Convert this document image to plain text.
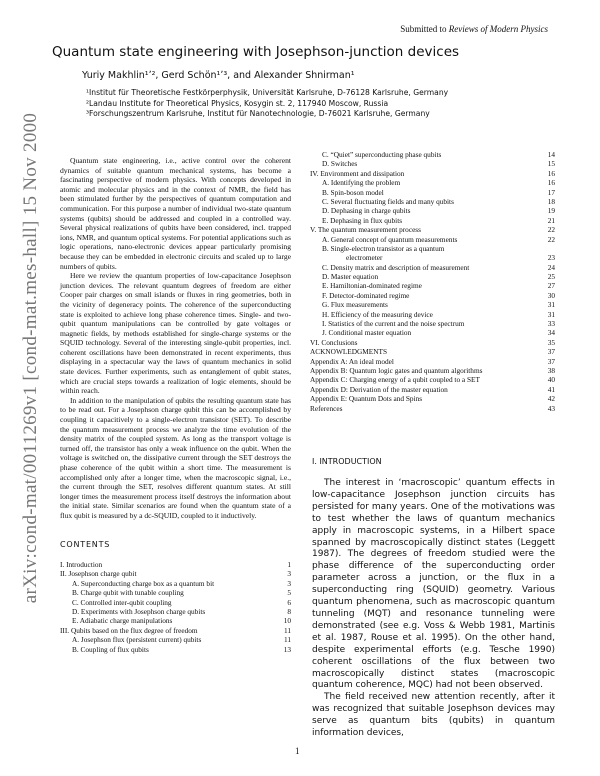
Submitted to Reviews of Modern Physics
Quantum state engineering with Josephson-junction devices
Yuriy Makhlin¹ʼ², Gerd Schön¹ʼ³, and Alexander Shnirman¹
¹Institut für Theoretische Festkörperphysik, Universität Karlsruhe, D-76128 Karlsruhe, Germany
²Landau Institute for Theoretical Physics, Kosygin st. 2, 117940 Moscow, Russia
³Forschungszentrum Karlsruhe, Institut für Nanotechnologie, D-76021 Karlsruhe, Germany
arXiv:cond-mat/0011269v1 [cond-mat.mes-hall] 15 Nov 2000	Quantum state engineering, i.e., active control over the coherent dynamics of suitable quantum mechanical systems, has become a fascinating perspective of modern physics. With concepts developed in atomic and molecular physics and in the context of NMR, the field has been stimulated further by the perspectives of quantum computation and communication. For this purpose a number of individual two-state quantum systems (qubits) should be addressed and coupled in a controlled way. Several physical realizations of qubits have been considered, incl. trapped ions, NMR, and quantum optical systems. For potential applications such as logic operations, nano-electronic devices appear particularly promising because they can be embedded in electronic circuits and scaled up to large numbers of qubits.

Here we review the quantum properties of low-capacitance Josephson junction devices. The relevant quantum degrees of freedom are either Cooper pair charges on small islands or fluxes in ring geometries, both in the vicinity of degeneracy points. The coherence of the superconducting state is exploited to achieve long phase coherence times. Single- and two-qubit quantum manipulations can be controlled by gate voltages or magnetic fields, by methods established for single-charge systems or the SQUID technology. Several of the interesting single-qubit properties, incl. coherent oscillations have been demonstrated in recent experiments, thus displaying in a spectacular way the laws of quantum mechanics in solid state devices. Further experiments, such as entanglement of qubit states, which are crucial steps towards a realization of logic elements, should be within reach.

In addition to the manipulation of qubits the resulting quantum state has to be read out. For a Josephson charge qubit this can be accomplished by coupling it capacitively to a single-electron transistor (SET). To describe the quantum measurement process we analyze the time evolution of the density matrix of the coupled system. As long as the transport voltage is turned off, the transistor has only a weak influence on the qubit. When the voltage is switched on, the dissipative current through the SET destroys the phase coherence of the qubit within a short time. The measurement is accomplished only after a longer time, when the macroscopic signal, i.e., the current through the SET, resolves different quantum states. At still longer times the measurement process itself destroys the information about the initial state. Similar scenarios are found when the quantum state of a flux qubit is measured by a dc-SQUID, coupled to it inductively.

CONTENTS
I. Introduction	1
II. Josephson charge qubit	3
A. Superconducting charge box as a quantum bit	3
B. Charge qubit with tunable coupling	5
C. Controlled inter-qubit coupling	6
D. Experiments with Josephson charge qubits	8
E. Adiabatic charge manipulations	10
III. Qubits based on the flux degree of freedom	11
A. Josephson flux (persistent current) qubits	11
B. Coupling of flux qubits	13
C. “Quiet” superconducting phase qubits	14
D. Switches	15
IV. Environment and dissipation	16
A. Identifying the problem	16
B. Spin-boson model	17
C. Several fluctuating fields and many qubits	18
D. Dephasing in charge qubits	19
E. Dephasing in flux qubits	21
V. The quantum measurement process	22
A. General concept of quantum measurements	22
B. Single-electron transistor as a quantum
electrometer	23
C. Density matrix and description of measurement	24
D. Master equation	25
E. Hamiltonian-dominated regime	27
F. Detector-dominated regime	30
G. Flux measurements	31
H. Efficiency of the measuring device	31
I. Statistics of the current and the noise spectrum	33
J. Conditional master equation	34
VI. Conclusions	35
ACKNOWLEDGMENTS	37
Appendix A: An ideal model	37
Appendix B: Quantum logic gates and quantum algorithms	38
Appendix C: Charging energy of a qubit coupled to a SET	40
Appendix D: Derivation of the master equation	41
Appendix E: Quantum Dots and Spins	42
References	43
I. INTRODUCTION

The interest in ‘macroscopic’ quantum effects in low-capacitance Josephson junction circuits has persisted for many years. One of the motivations was to test whether the laws of quantum mechanics apply in macroscopic systems, in a Hilbert space spanned by macroscopically distinct states (Leggett 1987). The degrees of freedom studied were the phase difference of the superconducting order parameter across a junction, or the flux in a superconducting ring (SQUID) geometry. Various quantum phenomena, such as macroscopic quantum tunneling (MQT) and resonance tunneling were demonstrated (see e.g. Voss & Webb 1981, Martinis et al. 1987, Rouse et al. 1995). On the other hand, despite experimental efforts (e.g. Tesche 1990) coherent oscillations of the flux between two macroscopically distinct states (macroscopic quantum coherence, MQC) had not been observed.

The field received new attention recently, after it was recognized that suitable Josephson devices may serve as quantum bits (qubits) in quantum information devices,

1
